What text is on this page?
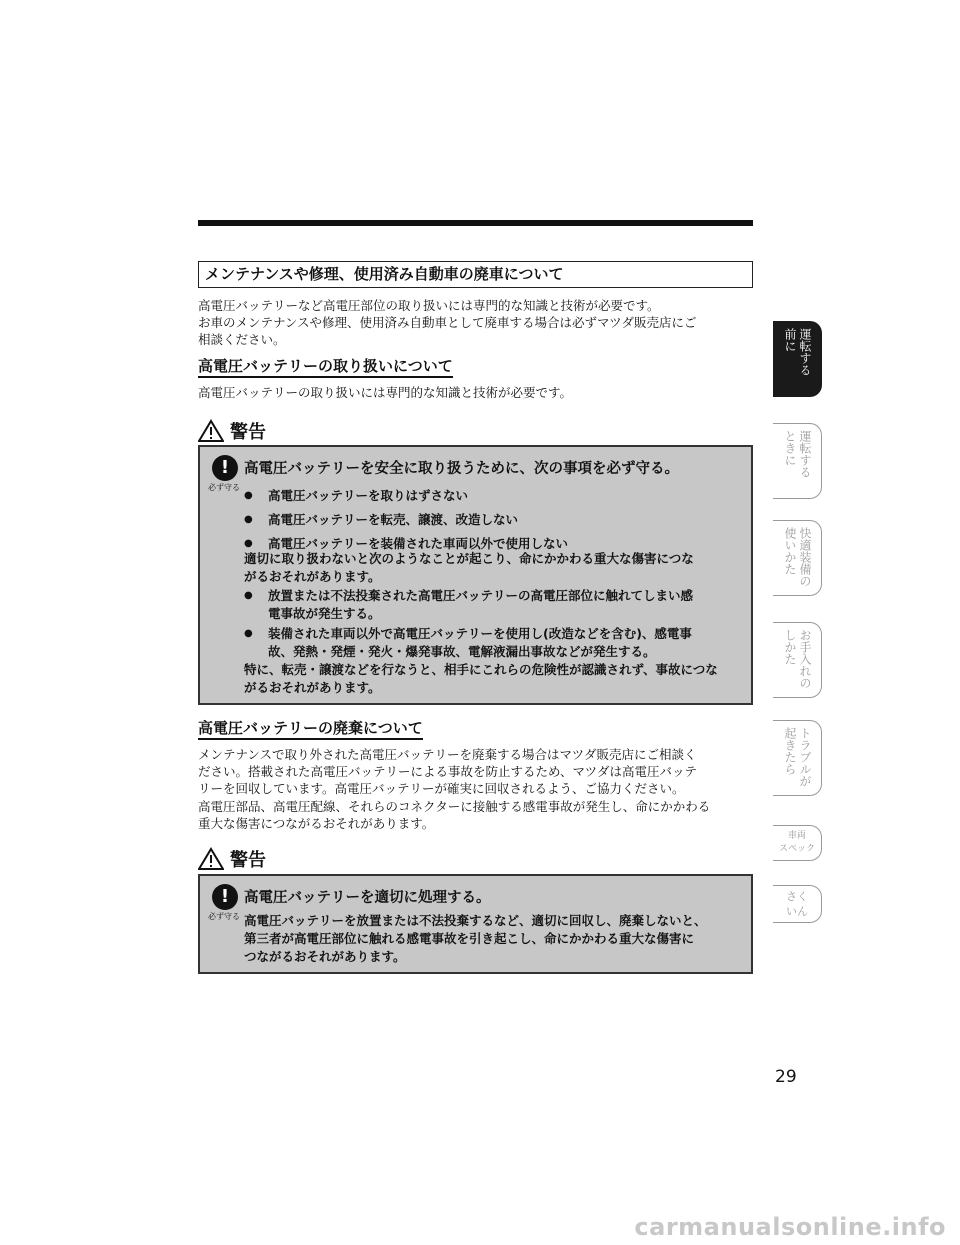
メンテナンスや修理、使用済み自動車の廃車について
高電圧バッテリーなど高電圧部位の取り扱いには専門的な知識と技術が必要です。
お車のメンテナンスや修理、使用済み自動車として廃車する場合は必ずマツダ販売店にご
相談ください。
高電圧バッテリーの取り扱いについて
高電圧バッテリーの取り扱いには専門的な知識と技術が必要です。
警告
!
必ず守る
高電圧バッテリーを安全に取り扱うために、次の事項を必ず守る。
● 高電圧バッテリーを取りはずさない
● 高電圧バッテリーを転売、譲渡、改造しない
● 高電圧バッテリーを装備された車両以外で使用しない
適切に取り扱わないと次のようなことが起こり、命にかかわる重大な傷害につな
がるおそれがあります。
● 放置または不法投棄された高電圧バッテリーの高電圧部位に触れてしまい感
電事故が発生する。
● 装備された車両以外で高電圧バッテリーを使用し(改造などを含む)、感電事
故、発熱・発煙・発火・爆発事故、電解液漏出事故などが発生する。
特に、転売・譲渡などを行なうと、相手にこれらの危険性が認識されず、事故につな
がるおそれがあります。
高電圧バッテリーの廃棄について
メンテナンスで取り外された高電圧バッテリーを廃棄する場合はマツダ販売店にご相談く
ださい。搭載された高電圧バッテリーによる事故を防止するため、マツダは高電圧バッテ
リーを回収しています。高電圧バッテリーが確実に回収されるよう、ご協力ください。
高電圧部品、高電圧配線、それらのコネクターに接触する感電事故が発生し、命にかかわる
重大な傷害につながるおそれがあります。
警告
!
必ず守る
高電圧バッテリーを適切に処理する。
高電圧バッテリーを放置または不法投棄するなど、適切に回収し、廃棄しないと、
第三者が高電圧部位に触れる感電事故を引き起こし、命にかかわる重大な傷害に
つながるおそれがあります。
運転する
前に
運転する
ときに
快適装備の
使いかた
お手入れの
しかた
トラブルが
起きたら
車両
スペック
さく
いん
29
carmanualsonline.info
